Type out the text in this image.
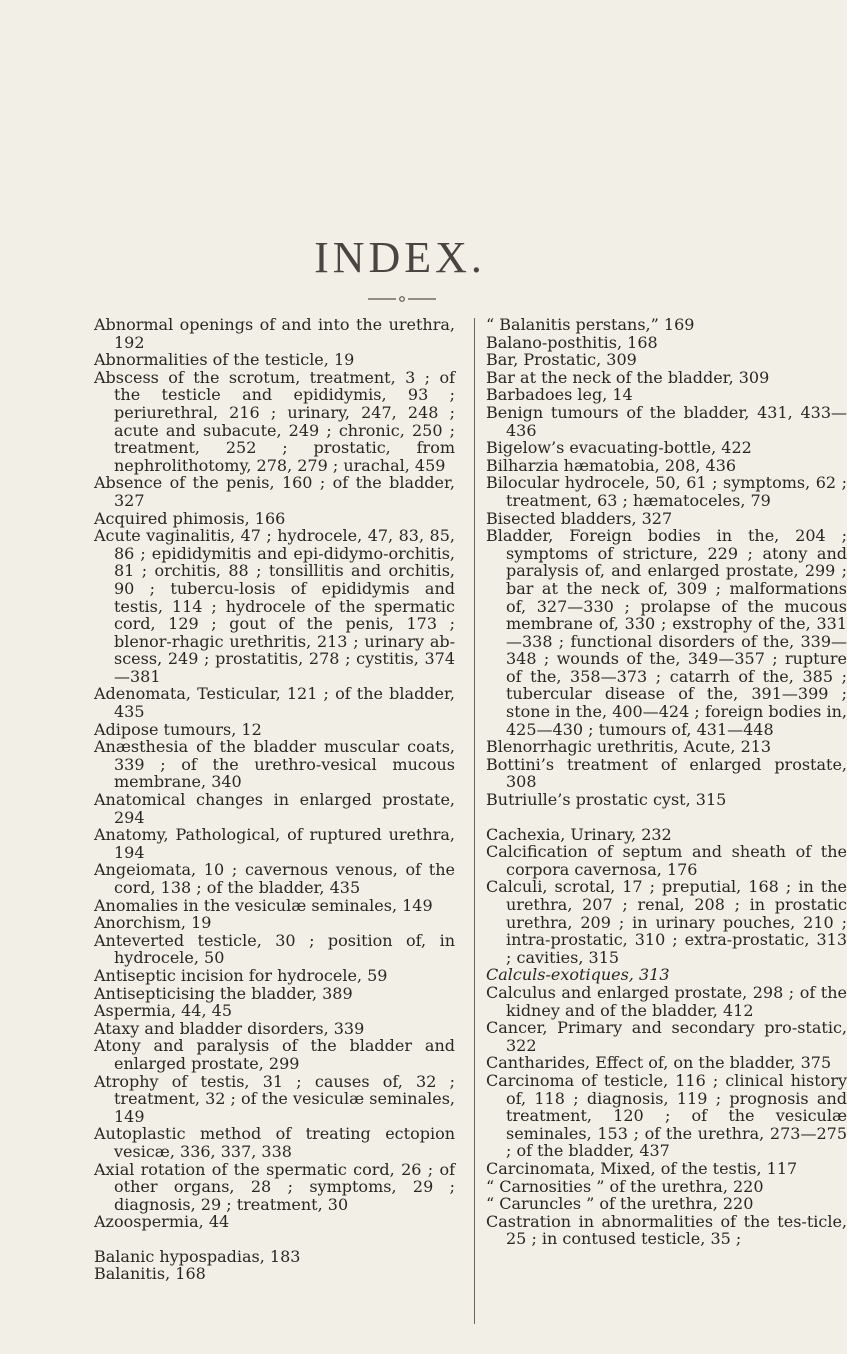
INDEX.

Abnormal openings of and into the urethra, 192

Abnormalities of the testicle, 19

Abscess of the scrotum, treatment, 3 ; of the testicle and epididymis, 93 ; periurethral, 216 ; urinary, 247, 248 ; acute and subacute, 249 ; chronic, 250 ; treatment, 252 ; prostatic, from nephrolithotomy, 278, 279 ; urachal, 459

Absence of the penis, 160 ; of the bladder, 327

Acquired phimosis, 166

Acute vaginalitis, 47 ; hydrocele, 47, 83, 85, 86 ; epididymitis and epi-didymo-orchitis, 81 ; orchitis, 88 ; tonsillitis and orchitis, 90 ; tubercu-losis of epididymis and testis, 114 ; hydrocele of the spermatic cord, 129 ; gout of the penis, 173 ; blenor-rhagic urethritis, 213 ; urinary ab-scess, 249 ; prostatitis, 278 ; cystitis, 374—381

Adenomata, Testicular, 121 ; of the bladder, 435

Adipose tumours, 12

Anæsthesia of the bladder muscular coats, 339 ; of the urethro-vesical mucous membrane, 340

Anatomical changes in enlarged prostate, 294

Anatomy, Pathological, of ruptured urethra, 194

Angeiomata, 10 ; cavernous venous, of the cord, 138 ; of the bladder, 435

Anomalies in the vesiculæ seminales, 149

Anorchism, 19

Anteverted testicle, 30 ; position of, in hydrocele, 50

Antiseptic incision for hydrocele, 59

Antisepticising the bladder, 389

Aspermia, 44, 45

Ataxy and bladder disorders, 339

Atony and paralysis of the bladder and enlarged prostate, 299

Atrophy of testis, 31 ; causes of, 32 ; treatment, 32 ; of the vesiculæ seminales, 149

Autoplastic method of treating ectopion vesicæ, 336, 337, 338

Axial rotation of the spermatic cord, 26 ; of other organs, 28 ; symptoms, 29 ; diagnosis, 29 ; treatment, 30

Azoospermia, 44

Balanic hypospadias, 183

Balanitis, 168

“ Balanitis perstans,” 169

Balano-posthitis, 168

Bar, Prostatic, 309

Bar at the neck of the bladder, 309

Barbadoes leg, 14

Benign tumours of the bladder, 431, 433—436

Bigelow’s evacuating-bottle, 422

Bilharzia hæmatobia, 208, 436

Bilocular hydrocele, 50, 61 ; symptoms, 62 ; treatment, 63 ; hæmatoceles, 79

Bisected bladders, 327

Bladder, Foreign bodies in the, 204 ; symptoms of stricture, 229 ; atony and paralysis of, and enlarged prostate, 299 ; bar at the neck of, 309 ; malformations of, 327—330 ; prolapse of the mucous membrane of, 330 ; exstrophy of the, 331—338 ; functional disorders of the, 339—348 ; wounds of the, 349—357 ; rupture of the, 358—373 ; catarrh of the, 385 ; tubercular disease of the, 391—399 ; stone in the, 400—424 ; foreign bodies in, 425—430 ; tumours of, 431—448

Blenorrhagic urethritis, Acute, 213

Bottini’s treatment of enlarged prostate, 308

Butriulle’s prostatic cyst, 315

Cachexia, Urinary, 232

Calcification of septum and sheath of the corpora cavernosa, 176

Calculi, scrotal, 17 ; preputial, 168 ; in the urethra, 207 ; renal, 208 ; in prostatic urethra, 209 ; in urinary pouches, 210 ; intra-prostatic, 310 ; extra-prostatic, 313 ; cavities, 315

Calculs-exotiques, 313

Calculus and enlarged prostate, 298 ; of the kidney and of the bladder, 412

Cancer, Primary and secondary pro-static, 322

Cantharides, Effect of, on the bladder, 375

Carcinoma of testicle, 116 ; clinical history of, 118 ; diagnosis, 119 ; prognosis and treatment, 120 ; of the vesiculæ seminales, 153 ; of the urethra, 273—275 ; of the bladder, 437

Carcinomata, Mixed, of the testis, 117

“ Carnosities ” of the urethra, 220

“ Caruncles ” of the urethra, 220

Castration in abnormalities of the tes-ticle, 25 ; in contused testicle, 35 ;
